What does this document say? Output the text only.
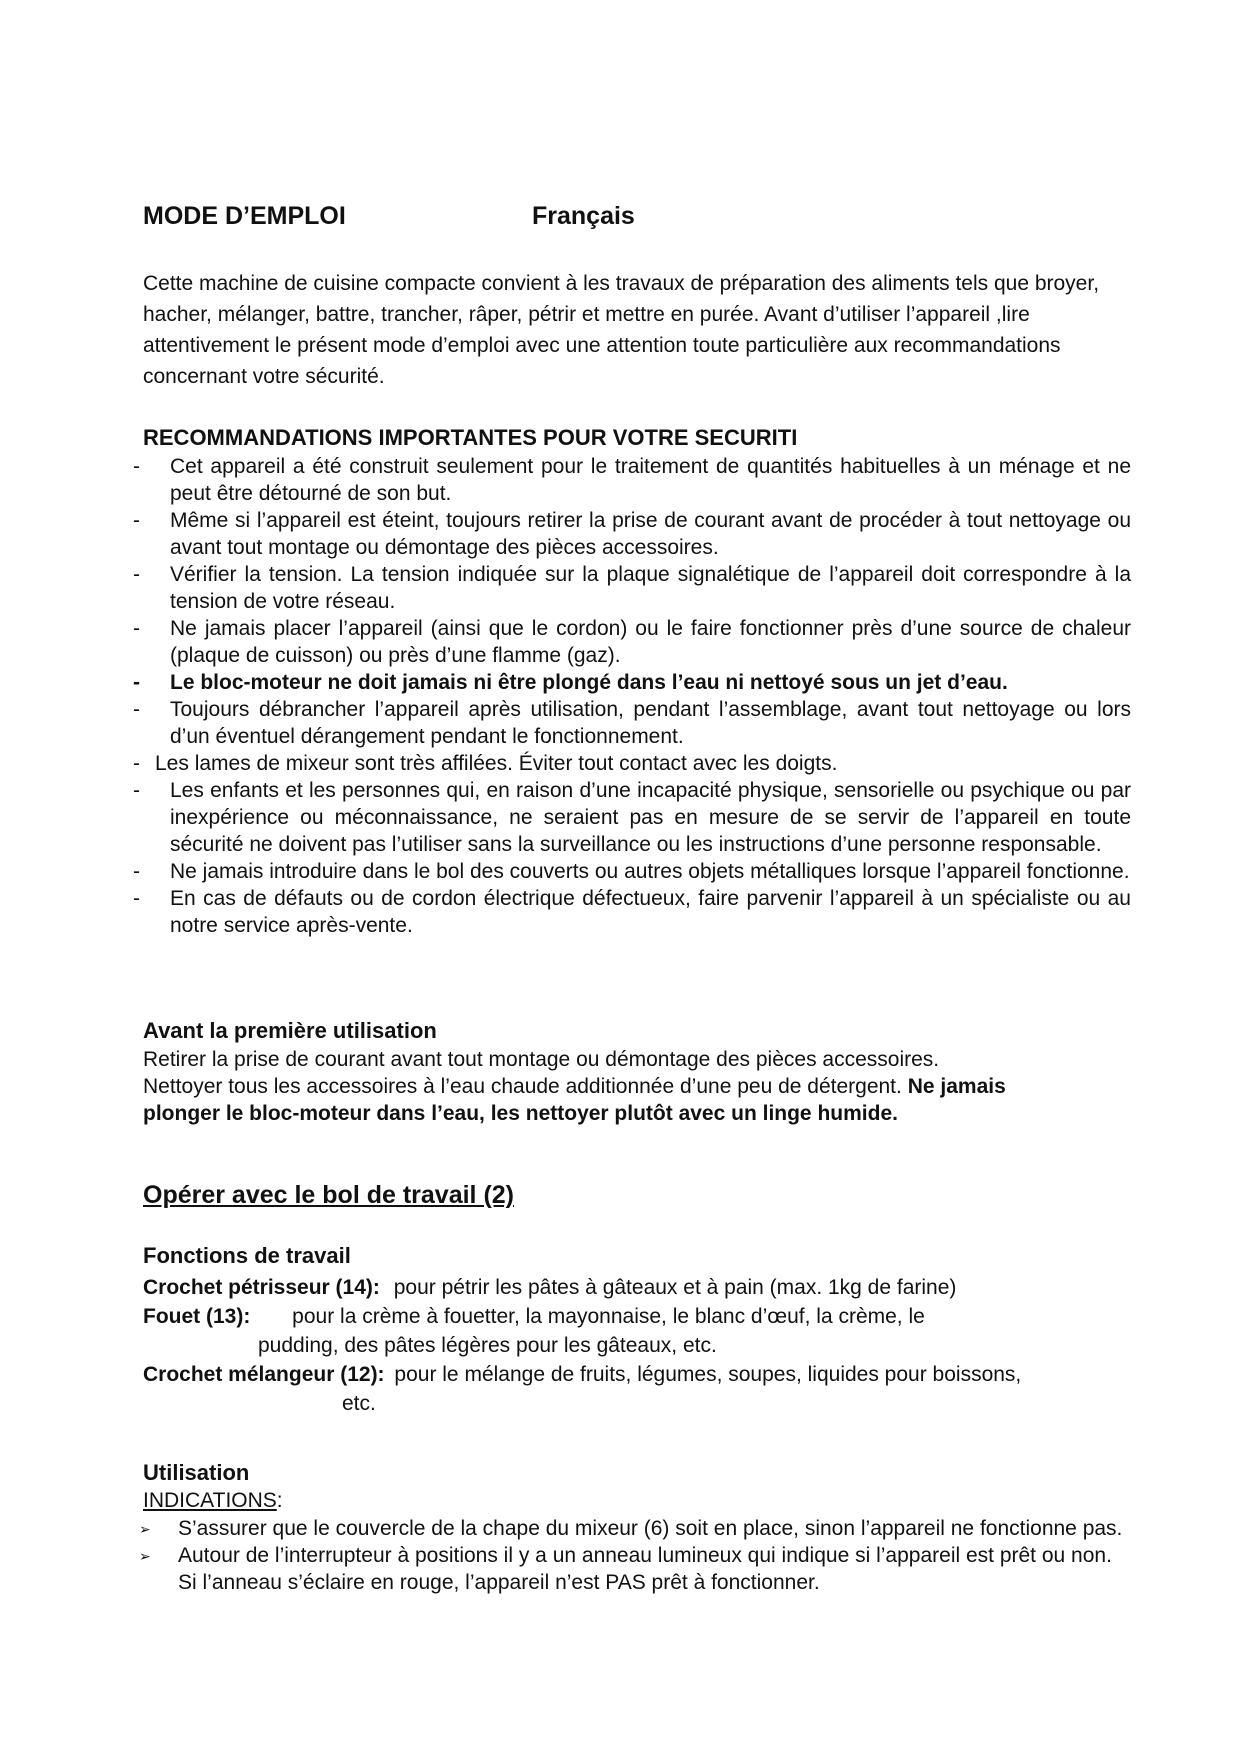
MODE D’EMPLOI	Français
Cette machine de cuisine compacte convient à les travaux de préparation des aliments tels que broyer, hacher, mélanger, battre, trancher, râper, pétrir et mettre en purée. Avant d’utiliser l’appareil ,lire attentivement le présent mode d’emploi avec une attention toute particulière aux recommandations concernant votre sécurité.
RECOMMANDATIONS IMPORTANTES POUR VOTRE SECURITI
- Cet appareil a été construit seulement pour le traitement de quantités habituelles à un ménage et ne peut être détourné de son but.
- Même si l’appareil est éteint, toujours retirer la prise de courant avant de procéder à tout nettoyage ou avant tout montage ou démontage des pièces accessoires.
- Vérifier la tension. La tension indiquée sur la plaque signalétique de l’appareil doit correspondre à la tension de votre réseau.
- Ne jamais placer l’appareil (ainsi que le cordon) ou le faire fonctionner près d’une source de chaleur (plaque de cuisson) ou près d’une flamme (gaz).
- Le bloc-moteur ne doit jamais ni être plongé dans l’eau ni nettoyé sous un jet d’eau.
- Toujours débrancher l’appareil après utilisation, pendant l’assemblage, avant tout nettoyage ou lors d’un éventuel dérangement pendant le fonctionnement.
- Les lames de mixeur sont très affilées. Éviter tout contact avec les doigts.
- Les enfants et les personnes qui, en raison d’une incapacité physique, sensorielle ou psychique ou par inexpérience ou méconnaissance, ne seraient pas en mesure de se servir de l’appareil en toute sécurité ne doivent pas l’utiliser sans la surveillance ou les instructions d’une personne responsable.
- Ne jamais introduire dans le bol des couverts ou autres objets métalliques lorsque l’appareil fonctionne.
- En cas de défauts ou de cordon électrique défectueux, faire parvenir l’appareil à un spécialiste ou au notre service après-vente.
Avant la première utilisation
Retirer la prise de courant avant tout montage ou démontage des pièces accessoires.
Nettoyer tous les accessoires à l’eau chaude additionnée d’une peu de détergent. Ne jamais
plonger le bloc-moteur dans l’eau, les nettoyer plutôt avec un linge humide.
Opérer avec le bol de travail (2)
Fonctions de travail
Crochet pétrisseur (14): pour pétrir les pâtes à gâteaux et à pain (max. 1kg de farine)
Fouet (13): pour la crème à fouetter, la mayonnaise, le blanc d’œuf, la crème, le
pudding, des pâtes légères pour les gâteaux, etc.
Crochet mélangeur (12): pour le mélange de fruits, légumes, soupes, liquides pour boissons,
etc.
Utilisation
INDICATIONS:
➢ S’assurer que le couvercle de la chape du mixeur (6) soit en place, sinon l’appareil ne fonctionne pas.
➢ Autour de l’interrupteur à positions il y a un anneau lumineux qui indique si l’appareil est prêt ou non. Si l’anneau s’éclaire en rouge, l’appareil n’est PAS prêt à fonctionner.
